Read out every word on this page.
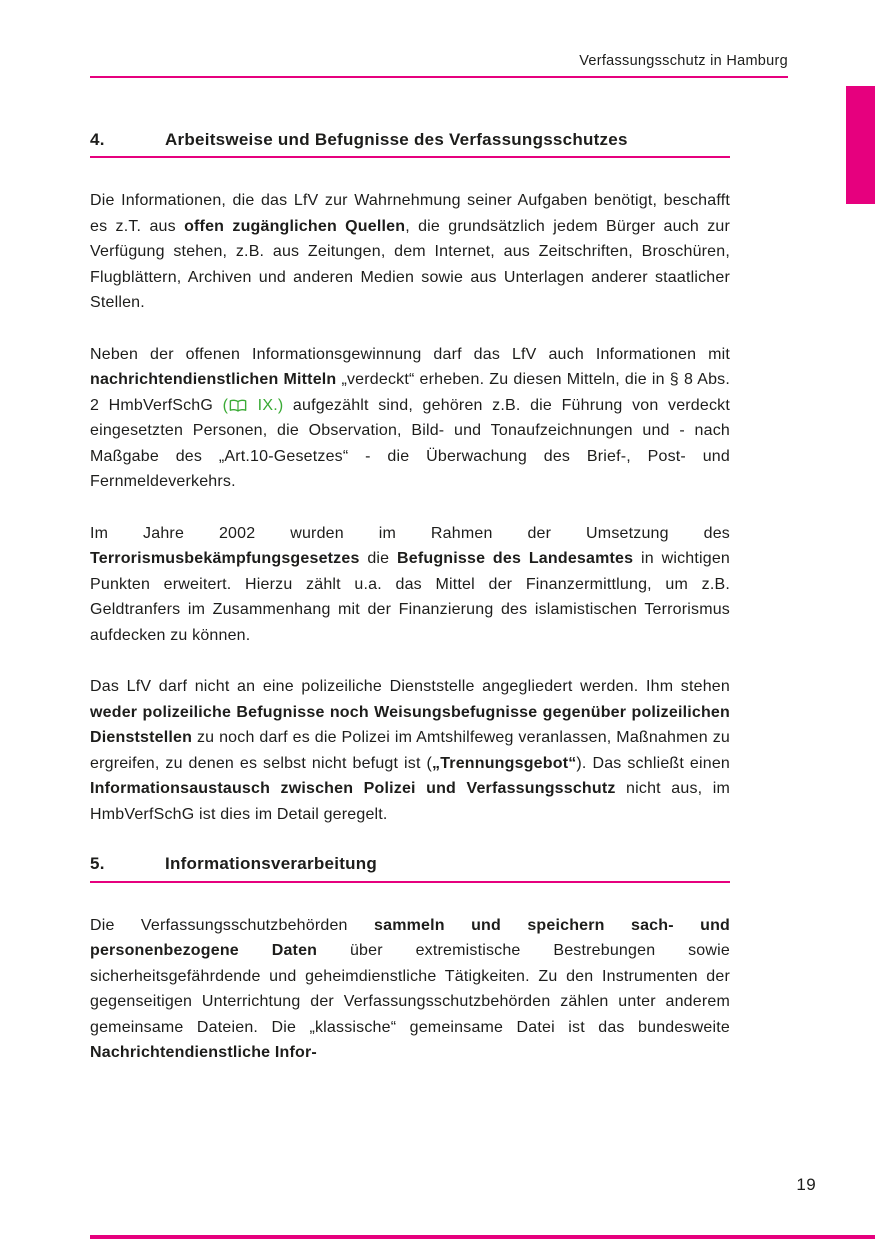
Verfassungsschutz in Hamburg
4.	Arbeitsweise und Befugnisse des Verfassungsschutzes

Die Informationen, die das LfV zur Wahrnehmung seiner Aufgaben benötigt, beschafft es z.T. aus offen zugänglichen Quellen, die grundsätzlich jedem Bürger auch zur Verfügung stehen, z.B. aus Zeitungen, dem Internet, aus Zeitschriften, Broschüren, Flugblättern, Archiven und anderen Medien sowie aus Unterlagen anderer staatlicher Stellen.

Neben der offenen Informationsgewinnung darf das LfV auch Informationen mit nachrichtendienstlichen Mitteln „verdeckt“ erheben. Zu diesen Mitteln, die in § 8 Abs. 2 HmbVerfSchG ( IX.) aufgezählt sind, gehören z.B. die Führung von verdeckt eingesetzten Personen, die Observation, Bild- und Tonaufzeichnungen und - nach Maßgabe des „Art.10-Gesetzes“ - die Überwachung des Brief-, Post- und Fernmeldeverkehrs.

Im Jahre 2002 wurden im Rahmen der Umsetzung des Terrorismusbekämpfungsgesetzes die Befugnisse des Landesamtes in wichtigen Punkten erweitert. Hierzu zählt u.a. das Mittel der Finanzermittlung, um z.B. Geldtranfers im Zusammenhang mit der Finanzierung des islamistischen Terrorismus aufdecken zu können.

Das LfV darf nicht an eine polizeiliche Dienststelle angegliedert werden. Ihm stehen weder polizeiliche Befugnisse noch Weisungsbefugnisse gegenüber polizeilichen Dienststellen zu noch darf es die Polizei im Amtshilfeweg veranlassen, Maßnahmen zu ergreifen, zu denen es selbst nicht befugt ist („Trennungsgebot“). Das schließt einen Informationsaustausch zwischen Polizei und Verfassungsschutz nicht aus, im HmbVerfSchG ist dies im Detail geregelt.

5.	Informationsverarbeitung

Die Verfassungsschutzbehörden sammeln und speichern sach- und personenbezogene Daten über extremistische Bestrebungen sowie sicherheitsgefährdende und geheimdienstliche Tätigkeiten. Zu den Instrumenten der gegenseitigen Unterrichtung der Verfassungsschutzbehörden zählen unter anderem gemeinsame Dateien. Die „klassische“ gemeinsame Datei ist das bundesweite Nachrichtendienstliche Infor-

19
